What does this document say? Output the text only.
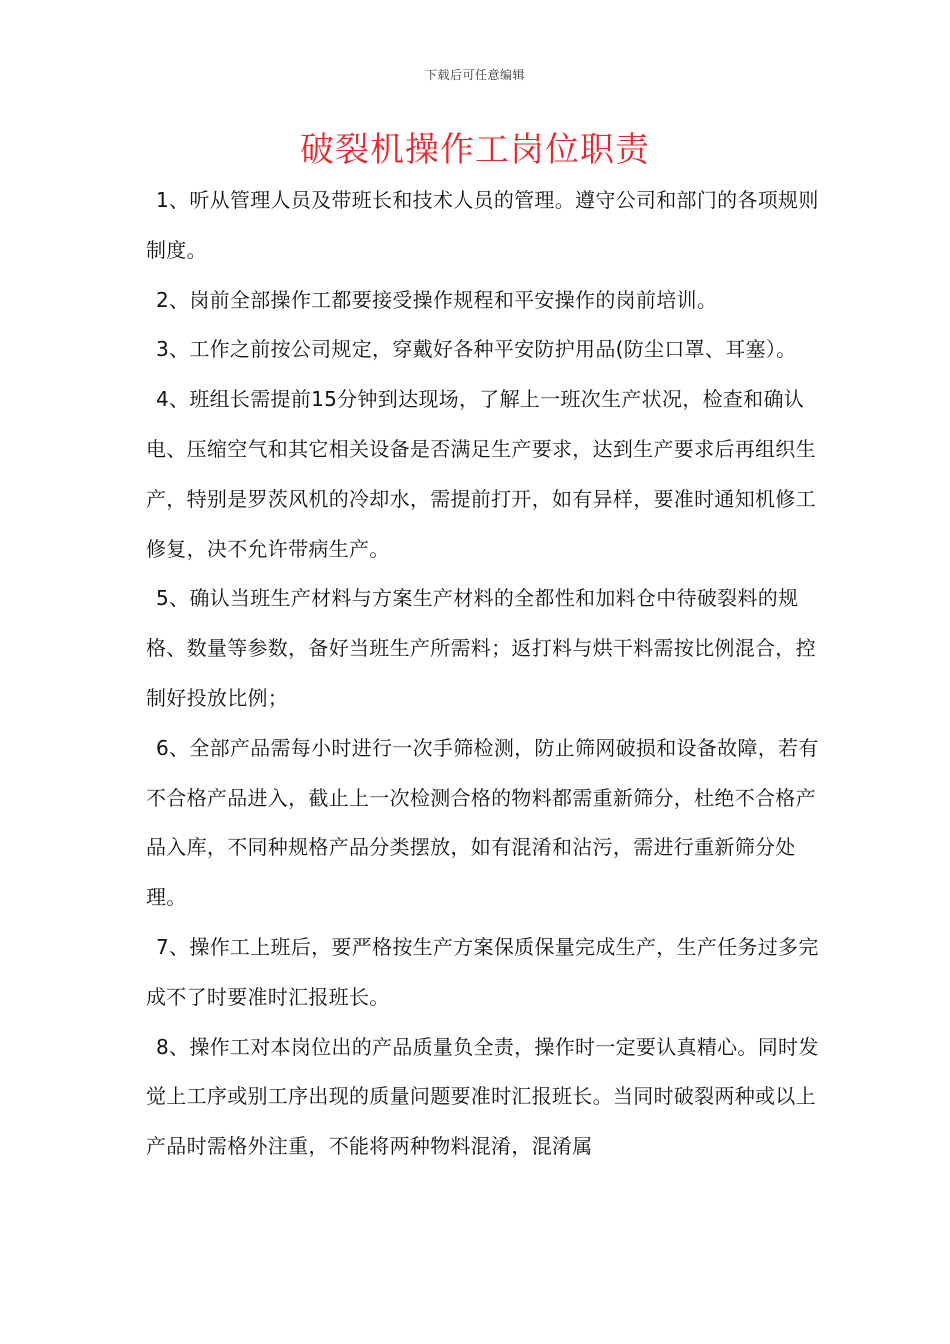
下载后可任意编辑
破裂机操作工岗位职责

1、听从管理人员及带班长和技术人员的管理。遵守公司和部门的各项规则制度。

2、岗前全部操作工都要接受操作规程和平安操作的岗前培训。

3、工作之前按公司规定，穿戴好各种平安防护用品(防尘口罩、耳塞）。

4、班组长需提前15分钟到达现场，了解上一班次生产状况，检查和确认电、压缩空气和其它相关设备是否满足生产要求，达到生产要求后再组织生产，特别是罗茨风机的冷却水，需提前打开，如有异样，要准时通知机修工修复，决不允许带病生产。

5、确认当班生产材料与方案生产材料的全都性和加料仓中待破裂料的规格、数量等参数，备好当班生产所需料；返打料与烘干料需按比例混合，控制好投放比例；

6、全部产品需每小时进行一次手筛检测，防止筛网破损和设备故障，若有不合格产品进入，截止上一次检测合格的物料都需重新筛分，杜绝不合格产品入库，不同种规格产品分类摆放，如有混淆和沾污，需进行重新筛分处理。

7、操作工上班后，要严格按生产方案保质保量完成生产，生产任务过多完成不了时要准时汇报班长。

8、操作工对本岗位出的产品质量负全责，操作时一定要认真精心。同时发觉上工序或别工序出现的质量问题要准时汇报班长。当同时破裂两种或以上产品时需格外注重，不能将两种物料混淆，混淆属
